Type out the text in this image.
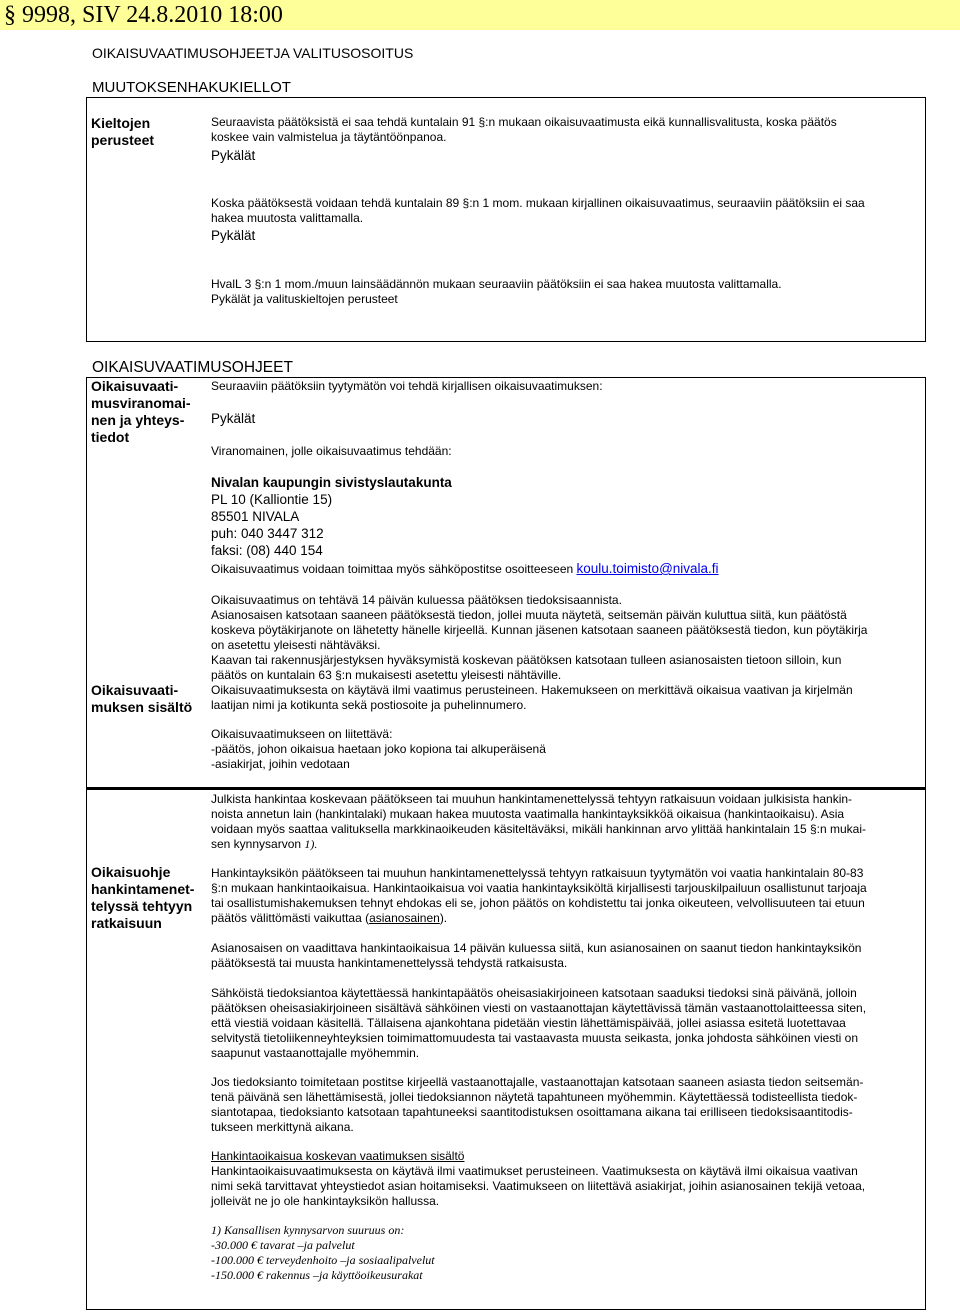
§ 9998, SIV 24.8.2010 18:00
OIKAISUVAATIMUSOHJEETJA VALITUSOSOITUS
MUUTOKSENHAKUKIELLOT
Kieltojen
perusteet
Seuraavista päätöksistä ei saa tehdä kuntalain 91 §:n mukaan oikaisuvaatimusta eikä kunnallisvalitusta, koska päätös
koskee vain valmistelua ja täytäntöönpanoa.
Pykälät
Koska päätöksestä voidaan tehdä kuntalain 89 §:n 1 mom. mukaan kirjallinen oikaisuvaatimus, seuraaviin päätöksiin ei saa
hakea muutosta valittamalla.
Pykälät
HvalL 3 §:n 1 mom./muun lainsäädännön mukaan seuraaviin päätöksiin ei saa hakea muutosta valittamalla.
Pykälät ja valituskieltojen perusteet
OIKAISUVAATIMUSOHJEET
Oikaisuvaati-
musviranomai-
nen ja yhteys-
tiedot
Seuraaviin päätöksiin tyytymätön voi tehdä kirjallisen oikaisuvaatimuksen:
Pykälät
Viranomainen, jolle oikaisuvaatimus tehdään:
Nivalan kaupungin sivistyslautakunta
PL 10 (Kalliontie 15)
85501 NIVALA
puh: 040 3447 312
faksi: (08) 440 154
Oikaisuvaatimus voidaan toimittaa myös sähköpostitse osoitteeseen koulu.toimisto@nivala.fi
Oikaisuvaatimus on tehtävä 14 päivän kuluessa päätöksen tiedoksisaannista.
Asianosaisen katsotaan saaneen päätöksestä tiedon, jollei muuta näytetä, seitsemän päivän kuluttua siitä, kun päätöstä
koskeva pöytäkirjanote on lähetetty hänelle kirjeellä. Kunnan jäsenen katsotaan saaneen päätöksestä tiedon, kun pöytäkirja
on asetettu yleisesti nähtäväksi.
Kaavan tai rakennusjärjestyksen hyväksymistä koskevan päätöksen katsotaan tulleen asianosaisten tietoon silloin, kun
päätös on kuntalain 63 §:n mukaisesti asetettu yleisesti nähtäville.
Oikaisuvaati-
muksen sisältö
Oikaisuvaatimuksesta on käytävä ilmi vaatimus perusteineen. Hakemukseen on merkittävä oikaisua vaativan ja kirjelmän
laatijan nimi ja kotikunta sekä postiosoite ja puhelinnumero.
Oikaisuvaatimukseen on liitettävä:
-päätös, johon oikaisua haetaan joko kopiona tai alkuperäisenä
-asiakirjat, joihin vedotaan
Oikaisuohje
hankintamenet-
telyssä tehtyyn
ratkaisuun
Julkista hankintaa koskevaan päätökseen tai muuhun hankintamenettelyssä tehtyyn ratkaisuun voidaan julkisista hankin-
noista annetun lain (hankintalaki) mukaan hakea muutosta vaatimalla hankintayksikköä oikaisua (hankintaoikaisu). Asia
voidaan myös saattaa valituksella markkinaoikeuden käsiteltäväksi, mikäli hankinnan arvo ylittää hankintalain 15 §:n mukai-
sen kynnysarvon 1).
Hankintayksikön päätökseen tai muuhun hankintamenettelyssä tehtyyn ratkaisuun tyytymätön voi vaatia hankintalain 80-83
§:n mukaan hankintaoikaisua. Hankintaoikaisua voi vaatia hankintayksiköltä kirjallisesti tarjouskilpailuun osallistunut tarjoaja
tai osallistumishakemuksen tehnyt ehdokas eli se, johon päätös on kohdistettu tai jonka oikeuteen, velvollisuuteen tai etuun
päätös välittömästi vaikuttaa (asianosainen).
Asianosaisen on vaadittava hankintaoikaisua 14 päivän kuluessa siitä, kun asianosainen on saanut tiedon hankintayksikön
päätöksestä tai muusta hankintamenettelyssä tehdystä ratkaisusta.
Sähköistä tiedoksiantoa käytettäessä hankintapäätös oheisasiakirjoineen katsotaan saaduksi tiedoksi sinä päivänä, jolloin
päätöksen oheisasiakirjoineen sisältävä sähköinen viesti on vastaanottajan käytettävissä tämän vastaanottolaitteessa siten,
että viestiä voidaan käsitellä. Tällaisena ajankohtana pidetään viestin lähettämispäivää, jollei asiassa esitetä luotettavaa
selvitystä tietoliikenneyhteyksien toimimattomuudesta tai vastaavasta muusta seikasta, jonka johdosta sähköinen viesti on
saapunut vastaanottajalle myöhemmin.
Jos tiedoksianto toimitetaan postitse kirjeellä vastaanottajalle, vastaanottajan katsotaan saaneen asiasta tiedon seitsemän-
tenä päivänä sen lähettämisestä, jollei tiedoksiannon näytetä tapahtuneen myöhemmin. Käytettäessä todisteellista tiedok-
siantotapaa, tiedoksianto katsotaan tapahtuneeksi saantitodistuksen osoittamana aikana tai erilliseen tiedoksisaantitodis-
tukseen merkittynä aikana.
Hankintaoikaisua koskevan vaatimuksen sisältö
Hankintaoikaisuvaatimuksesta on käytävä ilmi vaatimukset perusteineen. Vaatimuksesta on käytävä ilmi oikaisua vaativan
nimi sekä tarvittavat yhteystiedot asian hoitamiseksi. Vaatimukseen on liitettävä asiakirjat, joihin asianosainen tekijä vetoaa,
jolleivät ne jo ole hankintayksikön hallussa.
1) Kansallisen kynnysarvon suuruus on:
-30.000 € tavarat –ja palvelut
-100.000 € terveydenhoito –ja sosiaalipalvelut
-150.000 € rakennus –ja käyttöoikeusurakat
